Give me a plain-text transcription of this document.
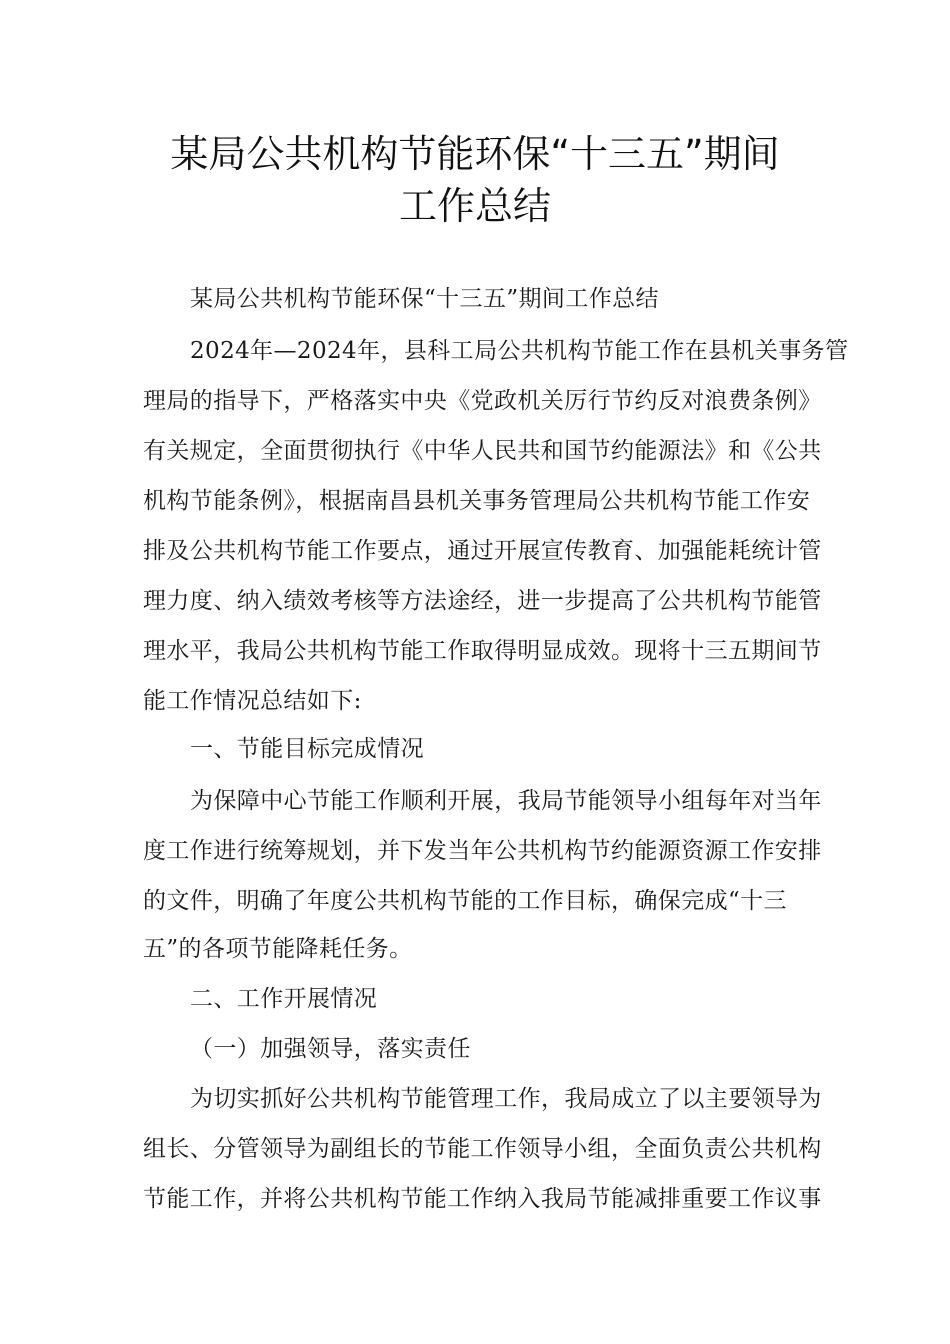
某局公共机构节能环保“十三五”期间
工作总结
某局公共机构节能环保“十三五”期间工作总结
2024年—2024年，县科工局公共机构节能工作在县机关事务管
理局的指导下，严格落实中央《党政机关厉行节约反对浪费条例》
有关规定，全面贯彻执行《中华人民共和国节约能源法》和《公共
机构节能条例》，根据南昌县机关事务管理局公共机构节能工作安
排及公共机构节能工作要点，通过开展宣传教育、加强能耗统计管
理力度、纳入绩效考核等方法途经，进一步提高了公共机构节能管
理水平，我局公共机构节能工作取得明显成效。现将十三五期间节
能工作情况总结如下:
一、节能目标完成情况
为保障中心节能工作顺利开展，我局节能领导小组每年对当年
度工作进行统筹规划，并下发当年公共机构节约能源资源工作安排
的文件，明确了年度公共机构节能的工作目标，确保完成“十三
五”的各项节能降耗任务。
二、工作开展情况
（一）加强领导，落实责任
为切实抓好公共机构节能管理工作，我局成立了以主要领导为
组长、分管领导为副组长的节能工作领导小组，全面负责公共机构
节能工作，并将公共机构节能工作纳入我局节能减排重要工作议事
